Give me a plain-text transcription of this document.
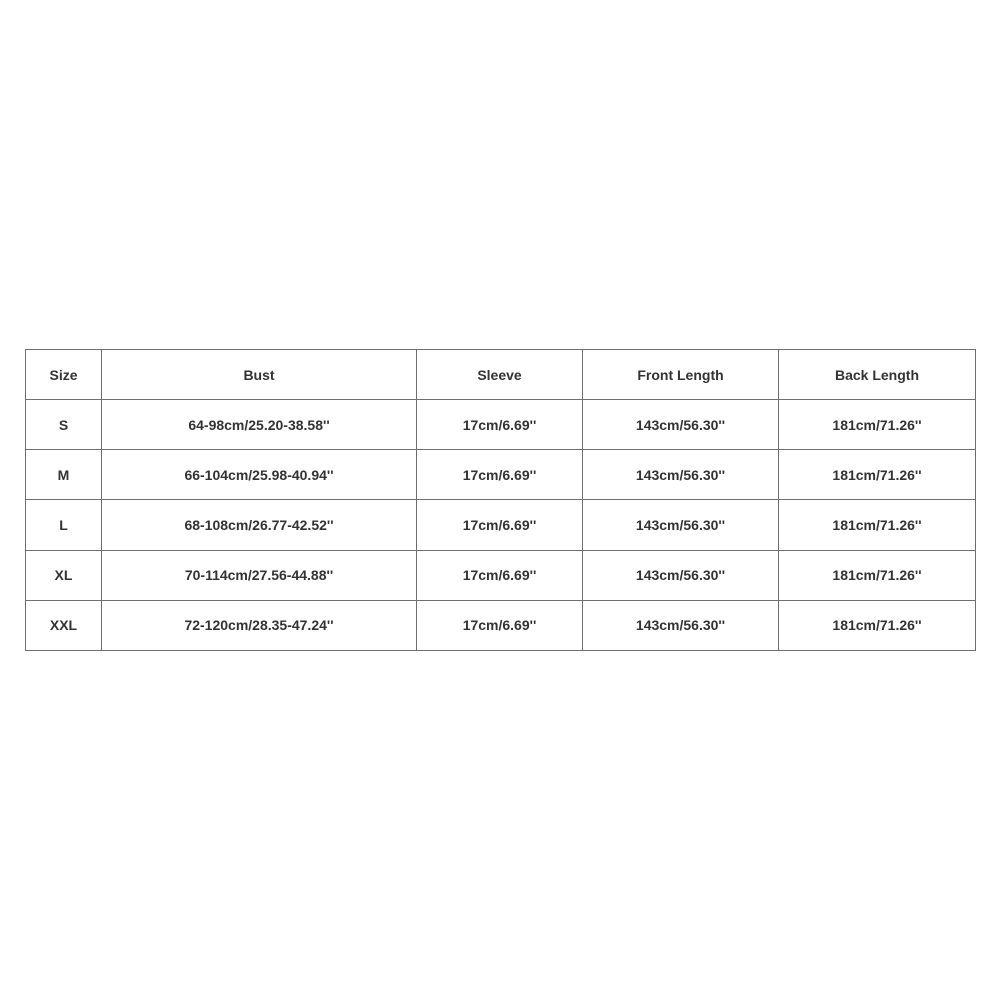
Size	Bust	Sleeve	Front Length	Back Length
S	64-98cm/25.20-38.58''	17cm/6.69''	143cm/56.30''	181cm/71.26''
M	66-104cm/25.98-40.94''	17cm/6.69''	143cm/56.30''	181cm/71.26''
L	68-108cm/26.77-42.52''	17cm/6.69''	143cm/56.30''	181cm/71.26''
XL	70-114cm/27.56-44.88''	17cm/6.69''	143cm/56.30''	181cm/71.26''
XXL	72-120cm/28.35-47.24''	17cm/6.69''	143cm/56.30''	181cm/71.26''
